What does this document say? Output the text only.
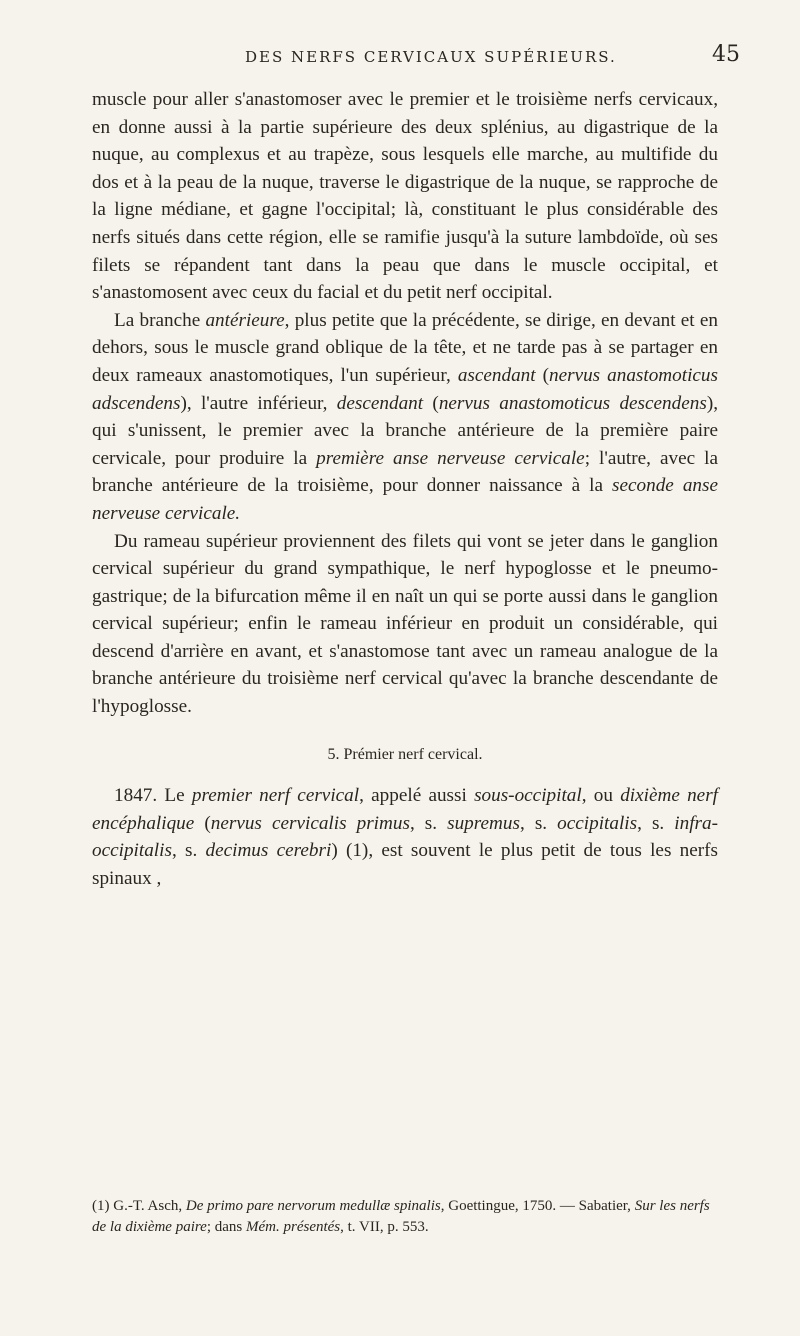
DES NERFS CERVICAUX SUPÉRIEURS.	45

muscle pour aller s'anastomoser avec le premier et le troisième nerfs cervicaux, en donne aussi à la partie supérieure des deux splénius, au digastrique de la nuque, au complexus et au trapèze, sous lesquels elle marche, au multifide du dos et à la peau de la nuque, traverse le digastrique de la nuque, se rapproche de la ligne médiane, et gagne l'occipital; là, constituant le plus considérable des nerfs situés dans cette région, elle se ramifie jusqu'à la suture lambdoïde, où ses filets se répandent tant dans la peau que dans le muscle occipital, et s'anastomosent avec ceux du facial et du petit nerf occipital.

La branche antérieure, plus petite que la précédente, se dirige, en devant et en dehors, sous le muscle grand oblique de la tête, et ne tarde pas à se partager en deux rameaux anastomotiques, l'un supérieur, ascendant (nervus anastomoticus adscendens), l'autre inférieur, descendant (nervus anastomoticus descendens), qui s'unissent, le premier avec la branche antérieure de la première paire cervicale, pour produire la première anse nerveuse cervicale; l'autre, avec la branche antérieure de la troisième, pour donner naissance à la seconde anse nerveuse cervicale.

Du rameau supérieur proviennent des filets qui vont se jeter dans le ganglion cervical supérieur du grand sympathique, le nerf hypoglosse et le pneumo-gastrique; de la bifurcation même il en naît un qui se porte aussi dans le ganglion cervical supérieur; enfin le rameau inférieur en produit un considérable, qui descend d'arrière en avant, et s'anastomose tant avec un rameau analogue de la branche antérieure du troisième nerf cervical qu'avec la branche descendante de l'hypoglosse.

5. Prémier nerf cervical.

1847. Le premier nerf cervical, appelé aussi sous-occipital, ou dixième nerf encéphalique (nervus cervicalis primus, s. supremus, s. occipitalis, s. infra-occipitalis, s. decimus cerebri) (1), est souvent le plus petit de tous les nerfs spinaux ,

(1) G.-T. Asch, De primo pare nervorum medullæ spinalis, Goettingue, 1750. — Sabatier, Sur les nerfs de la dixième paire; dans Mém. présentés, t. VII, p. 553.
